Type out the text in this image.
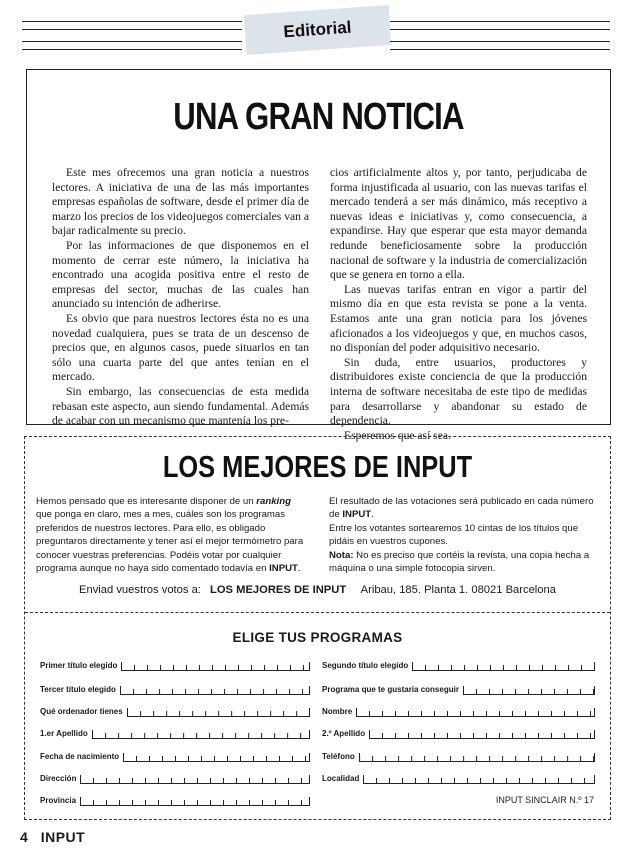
Editorial
UNA GRAN NOTICIA

Este mes ofrecemos una gran noticia a nuestros lectores. A iniciativa de una de las más importantes empresas españolas de software, desde el primer día de marzo los precios de los videojuegos comerciales van a bajar radicalmente su precio.

Por las informaciones de que disponemos en el momento de cerrar este número, la iniciativa ha encontrado una acogida positiva entre el resto de empresas del sector, muchas de las cuales han anunciado su intención de adherirse.

Es obvio que para nuestros lectores ésta no es una novedad cualquiera, pues se trata de un descenso de precios que, en algunos casos, puede situarlos en tan sólo una cuarta parte del que antes tenían en el mercado.

Sin embargo, las consecuencias de esta medida rebasan este aspecto, aun siendo fundamental. Además de acabar con un mecanismo que mantenía los pre-

cios artificialmente altos y, por tanto, perjudicaba de forma injustificada al usuario, con las nuevas tarifas el mercado tenderá a ser más dinámico, más receptivo a nuevas ideas e iniciativas y, como consecuencia, a expandirse. Hay que esperar que esta mayor demanda redunde beneficiosamente sobre la producción nacional de software y la industria de comercialización que se genera en torno a ella.

Las nuevas tarifas entran en vigor a partir del mismo día en que esta revista se pone a la venta. Estamos ante una gran noticia para los jóvenes aficionados a los videojuegos y que, en muchos casos, no disponían del poder adquisitivo necesario.

Sin duda, entre usuarios, productores y distribuidores existe conciencia de que la producción interna de software necesitaba de este tipo de medidas para desarrollarse y abandonar su estado de dependencia.

Esperemos que así sea.

LOS MEJORES DE INPUT

Hemos pensado que es interesante disponer de un ranking que ponga en claro, mes a mes, cuáles son los programas preferidos de nuestros lectores. Para ello, es obligado preguntaros directamente y tener así el mejor termómetro para conocer vuestras preferencias. Podéis votar por cualquier programa aunque no haya sido comentado todavía en INPUT.

El resultado de las votaciones será publicado en cada número de INPUT.

Entre los votantes sortearemos 10 cintas de los títulos que pidáis en vuestros cupones.

Nota: No es preciso que cortéis la revista, una copia hecha a máquina o una simple fotocopia sirven.

Enviad vuestros votos a: LOS MEJORES DE INPUT Aribau, 185. Planta 1. 08021 Barcelona
ELIGE TUS PROGRAMAS
Primer título elegido	Segundo título elegido
Tercer título elegido	Programa que te gustaría conseguir
Qué ordenador tienes	Nombre
1.er Apellido	2.º Apellido
Fecha de nacimiento	Teléfono
Dirección	Localidad
Provincia	INPUT SINCLAIR N.º 17
4 INPUT
